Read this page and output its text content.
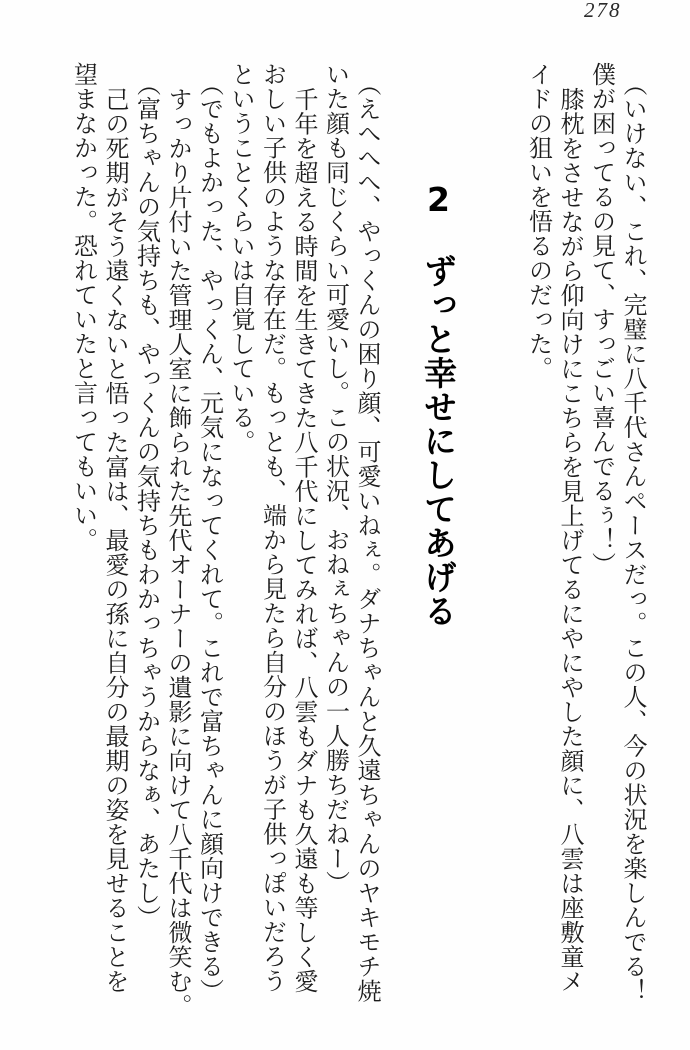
278
（いけない、これ、完璧に八千代さんペースだっ。この人、今の状況を楽しんでる！
僕が困ってるの見て、すっごい喜んでるぅ！）
膝枕をさせながら仰向けにこちらを見上げてるにやにやした顔に、八雲は座敷童メ
イドの狙いを悟るのだった。
2　ずっと幸せにしてあげる
（えへへへ、やっくんの困り顔、可愛いねぇ。ダナちゃんと久遠ちゃんのヤキモチ焼
いた顔も同じくらい可愛いし。この状況、おねぇちゃんの一人勝ちだねー）
千年を超える時間を生きてきた八千代にしてみれば、八雲もダナも久遠も等しく愛
おしい子供のような存在だ。もっとも、端から見たら自分のほうが子供っぽいだろう
ということくらいは自覚している。
（でもよかった、やっくん、元気になってくれて。これで富ちゃんに顔向けできる）
すっかり片付いた管理人室に飾られた先代オーナーの遺影に向けて八千代は微笑む。
（富ちゃんの気持ちも、やっくんの気持ちもわかっちゃうからなぁ、あたし）
己の死期がそう遠くないと悟った富は、最愛の孫に自分の最期の姿を見せることを
望まなかった。恐れていたと言ってもいい。
